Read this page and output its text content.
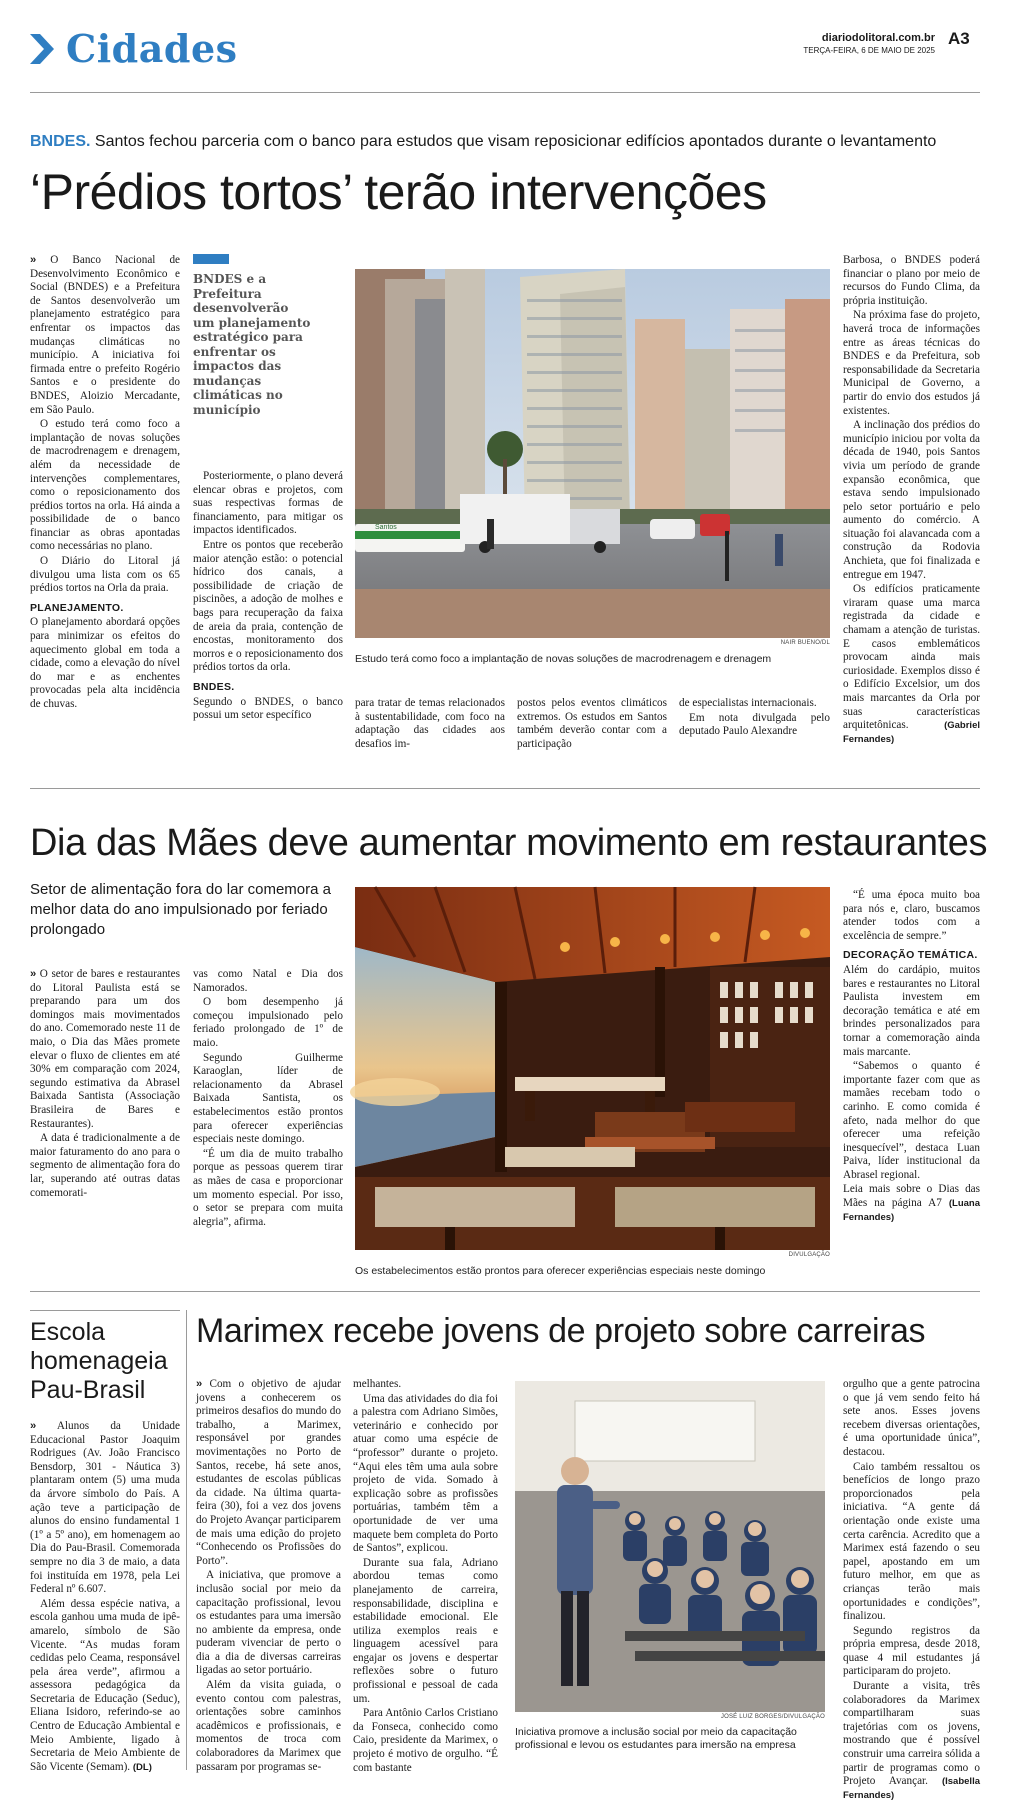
Cidades	diariodolitoral.com.br
TERÇA-FEIRA, 6 DE MAIO DE 2025
A3
BNDES. Santos fechou parceria com o banco para estudos que visam reposicionar edifícios apontados durante o levantamento
‘Prédios tortos’ terão intervenções

» O Banco Nacional de Desenvolvimento Econômico e Social (BNDES) e a Prefeitura de Santos desenvolverão um planejamento estratégico para enfrentar os impactos das mudanças climáticas no município. A iniciativa foi firmada entre o prefeito Rogério Santos e o presidente do BNDES, Aloizio Mercadante, em São Paulo.

O estudo terá como foco a implantação de novas soluções de macrodrenagem e drenagem, além da necessidade de intervenções complementares, como o reposicionamento dos prédios tortos na orla. Há ainda a possibilidade de o banco financiar as obras apontadas como necessárias no plano.

O Diário do Litoral já divulgou uma lista com os 65 prédios tortos na Orla da praia.

PLANEJAMENTO.

O planejamento abordará opções para minimizar os efeitos do aquecimento global em toda a cidade, como a elevação do nível do mar e as enchentes provocadas pela alta incidência de chuvas.

BNDES e a Prefeitura desenvolverão um planejamento estratégico para enfrentar os impactos das mudanças climáticas no município

Posteriormente, o plano deverá elencar obras e projetos, com suas respectivas formas de financiamento, para mitigar os impactos identificados.

Entre os pontos que receberão maior atenção estão: o potencial hídrico dos canais, a possibilidade de criação de piscinões, a adoção de molhes e bags para recuperação da faixa de areia da praia, contenção de encostas, monitoramento dos morros e o reposicionamento dos prédios tortos da orla.

BNDES.

Segundo o BNDES, o banco possui um setor específico

Santos
NAIR BUENO/DL
Estudo terá como foco a implantação de novas soluções de macrodrenagem e drenagem

para tratar de temas relacionados à sustentabilidade, com foco na adaptação das cidades aos desafios im-

postos pelos eventos climáticos extremos. Os estudos em Santos também deverão contar com a participação

de especialistas internacionais.

Em nota divulgada pelo deputado Paulo Alexandre

Barbosa, o BNDES poderá financiar o plano por meio de recursos do Fundo Clima, da própria instituição.

Na próxima fase do projeto, haverá troca de informações entre as áreas técnicas do BNDES e da Prefeitura, sob responsabilidade da Secretaria Municipal de Governo, a partir do envio dos estudos já existentes.

A inclinação dos prédios do município iniciou por volta da década de 1940, pois Santos vivia um período de grande expansão econômica, que estava sendo impulsionado pelo setor portuário e pelo aumento do comércio. A situação foi alavancada com a construção da Rodovia Anchieta, que foi finalizada e entregue em 1947.

Os edifícios praticamente viraram quase uma marca registrada da cidade e chamam a atenção de turistas. E casos emblemáticos provocam ainda mais curiosidade. Exemplos disso é o Edifício Excelsior, um dos mais marcantes da Orla por suas características arquitetônicas.	(Gabriel Fernandes)

Dia das Mães deve aumentar movimento em restaurantes
Setor de alimentação fora do lar comemora a melhor data do ano impulsionado por feriado prolongado

» O setor de bares e restaurantes do Litoral Paulista está se preparando para um dos domingos mais movimentados do ano. Comemorado neste 11 de maio, o Dia das Mães promete elevar o fluxo de clientes em até 30% em comparação com 2024, segundo estimativa da Abrasel Baixada Santista (Associação Brasileira de Bares e Restaurantes).

A data é tradicionalmente a de maior faturamento do ano para o segmento de alimentação fora do lar, superando até outras datas comemorati-

vas como Natal e Dia dos Namorados.

O bom desempenho já começou impulsionado pelo feriado prolongado de 1º de maio.

Segundo Guilherme Karaoglan, líder de relacionamento da Abrasel Baixada Santista, os estabelecimentos estão prontos para oferecer experiências especiais neste domingo.

“É um dia de muito trabalho porque as pessoas querem tirar as mães de casa e proporcionar um momento especial. Por isso, o setor se prepara com muita alegria”, afirma.

DIVULGAÇÃO
Os estabelecimentos estão prontos para oferecer experiências especiais neste domingo

“É uma época muito boa para nós e, claro, buscamos atender todos com a excelência de sempre.”

DECORAÇÃO TEMÁTICA.

Além do cardápio, muitos bares e restaurantes no Litoral Paulista investem em decoração temática e até em brindes personalizados para tornar a comemoração ainda mais marcante.

“Sabemos o quanto é importante fazer com que as mamães recebam todo o carinho. E como comida é afeto, nada melhor do que oferecer uma refeição inesquecível”, destaca Luan Paiva, líder institucional da Abrasel regional.

Leia mais sobre o Dias das Mães na página A7 (Luana Fernandes)

Escola homenageia Pau-Brasil

» Alunos da Unidade Educacional Pastor Joaquim Rodrigues (Av. João Francisco Bensdorp, 301 - Náutica 3) plantaram ontem (5) uma muda da árvore símbolo do País. A ação teve a participação de alunos do ensino fundamental 1 (1º a 5º ano), em homenagem ao Dia do Pau-Brasil. Comemorada sempre no dia 3 de maio, a data foi instituída em 1978, pela Lei Federal nº 6.607.

Além dessa espécie nativa, a escola ganhou uma muda de ipê-amarelo, símbolo de São Vicente. “As mudas foram cedidas pelo Ceama, responsável pela área verde”, afirmou a assessora pedagógica da Secretaria de Educação (Seduc), Eliana Isidoro, referindo-se ao Centro de Educação Ambiental e Meio Ambiente, ligado à Secretaria de Meio Ambiente de São Vicente (Semam). (DL)

Marimex recebe jovens de projeto sobre carreiras

» Com o objetivo de ajudar jovens a conhecerem os primeiros desafios do mundo do trabalho, a Marimex, responsável por grandes movimentações no Porto de Santos, recebe, há sete anos, estudantes de escolas públicas da cidade. Na última quarta-feira (30), foi a vez dos jovens do Projeto Avançar participarem de mais uma edição do projeto “Conhecendo os Profissões do Porto”.

A iniciativa, que promove a inclusão social por meio da capacitação profissional, levou os estudantes para uma imersão no ambiente da empresa, onde puderam vivenciar de perto o dia a dia de diversas carreiras ligadas ao setor portuário.

Além da visita guiada, o evento contou com palestras, orientações sobre caminhos acadêmicos e profissionais, e momentos de troca com colaboradores da Marimex que passaram por programas se-

melhantes.

Uma das atividades do dia foi a palestra com Adriano Simões, veterinário e conhecido por atuar como uma espécie de “professor” durante o projeto. “Aqui eles têm uma aula sobre projeto de vida. Somado à explicação sobre as profissões portuárias, também têm a oportunidade de ver uma maquete bem completa do Porto de Santos”, explicou.

Durante sua fala, Adriano abordou temas como planejamento de carreira, responsabilidade, disciplina e estabilidade emocional. Ele utiliza exemplos reais e linguagem acessível para engajar os jovens e despertar reflexões sobre o futuro profissional e pessoal de cada um.

Para Antônio Carlos Cristiano da Fonseca, conhecido como Caio, presidente da Marimex, o projeto é motivo de orgulho. “É com bastante

JOSÉ LUIZ BORGES/DIVULGAÇÃO
Iniciativa promove a inclusão social por meio da capacitação profissional e levou os estudantes para imersão na empresa

orgulho que a gente patrocina o que já vem sendo feito há sete anos. Esses jovens recebem diversas orientações, é uma oportunidade única”, destacou.

Caio também ressaltou os benefícios de longo prazo proporcionados pela iniciativa. “A gente dá orientação onde existe uma certa carência. Acredito que a Marimex está fazendo o seu papel, apostando em um futuro melhor, em que as crianças terão mais oportunidades e condições”, finalizou.

Segundo registros da própria empresa, desde 2018, quase 4 mil estudantes já participaram do projeto.

Durante a visita, três colaboradores da Marimex compartilharam suas trajetórias com os jovens, mostrando que é possível construir uma carreira sólida a partir de programas como o Projeto Avançar. (Isabella Fernandes)
